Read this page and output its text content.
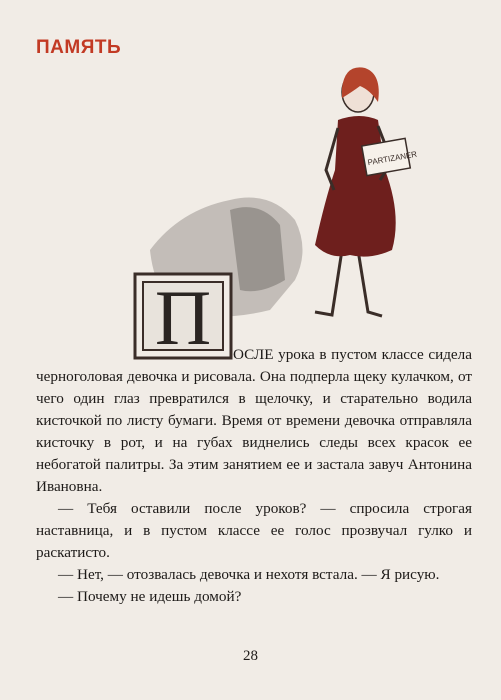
ПАМЯТЬ
PARTIZANER
П	ОСЛЕ урока в пустом классе сидела черноголовая девочка и рисовала. Она подперла щеку кулачком, от чего один глаз превратился в щелочку, и старательно водила кисточкой по листу бумаги. Время от времени девочка отправляла кисточку в рот, и на губах виднелись следы всех красок ее небогатой палитры. За этим занятием ее и застала завуч Антонина Ивановна.

— Тебя оставили после уроков? — спросила строгая наставница, и в пустом классе ее голос прозвучал гулко и раскатисто.

— Нет, — отозвалась девочка и нехотя встала. — Я рисую.

— Почему не идешь домой?

28
